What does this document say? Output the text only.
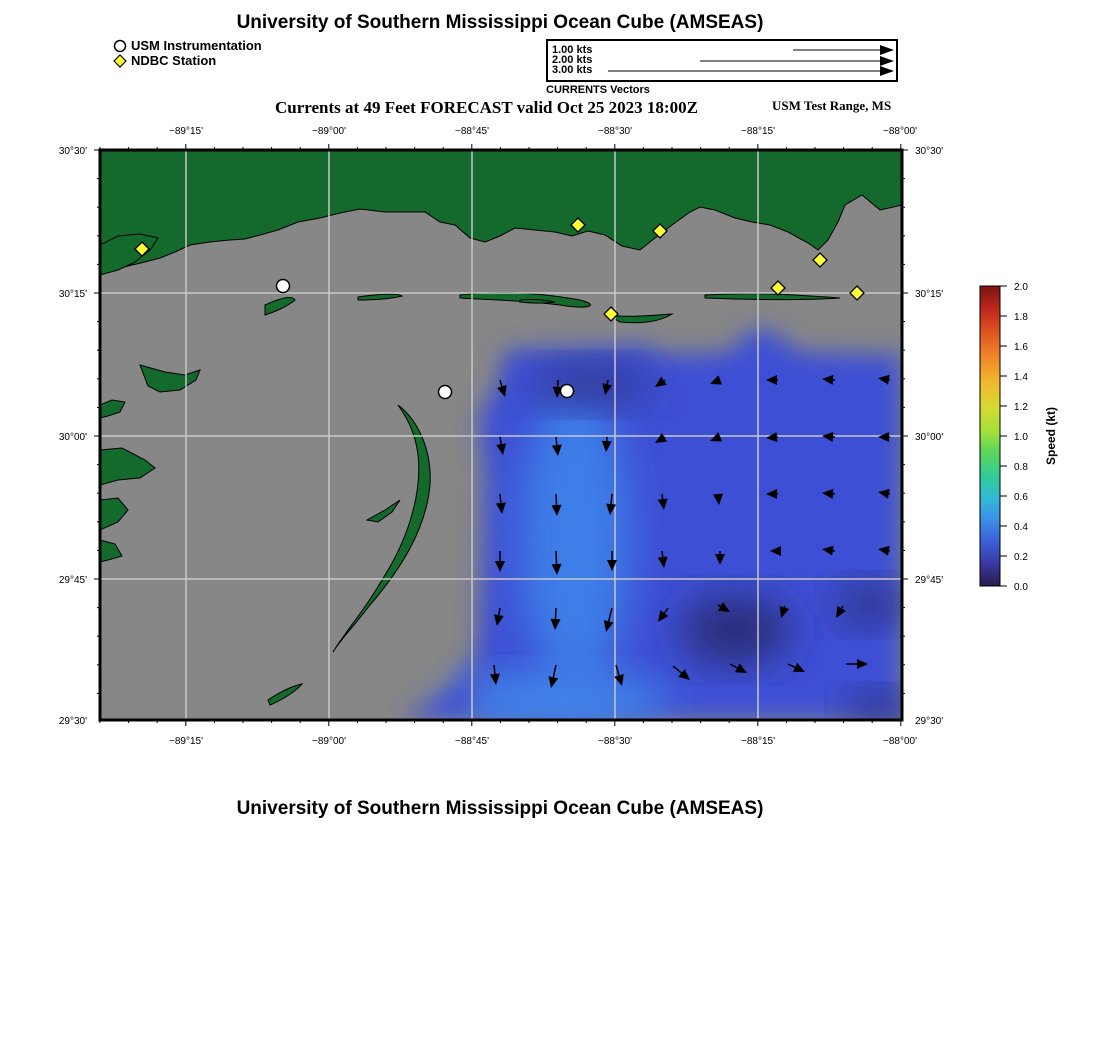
University of Southern Mississippi Ocean Cube (AMSEAS)
USM Instrumentation
NDBC Station
1.00 kts
2.00 kts
3.00 kts
CURRENTS Vectors
Currents at 49 Feet FORECAST valid Oct 25 2023 18:00Z	USM Test Range, MS
−89°15'	−89°00'	−88°45'	−88°30'	−88°15'	−88°00'
−89°15'	−89°00'	−88°45'	−88°30'	−88°15'	−88°00'
30°30'
30°15'
30°00'
29°45'
29°30'
30°30'
30°15'
30°00'
29°45'
29°30'
2.0
1.8
1.6
1.4
1.2
1.0
0.8
0.6
0.4
0.2
0.0
Speed (kt)
University of Southern Mississippi Ocean Cube (AMSEAS)
